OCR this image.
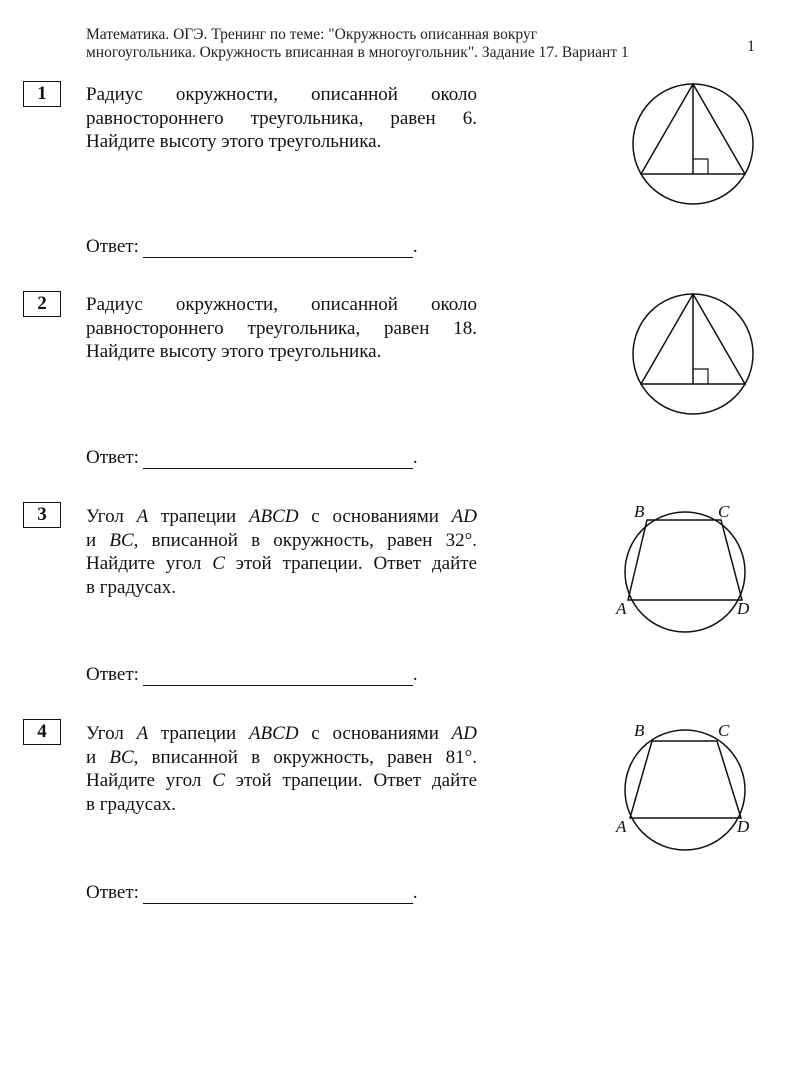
Математика. ОГЭ. Тренинг по теме: "Окружность описанная вокруг
многоугольника. Окружность вписанная в многоугольник". Задание 17. Вариант 1	1
1	Радиус окружности, описанной около
равностороннего треугольника, равен 6.
Найдите высоту этого треугольника.
Ответ:	.
2	Радиус окружности, описанной около
равностороннего треугольника, равен 18.
Найдите высоту этого треугольника.
Ответ:	.
3	Угол A трапеции ABCD с основаниями AD
и BC, вписанной в окружность, равен 32°.
Найдите угол C этой трапеции. Ответ дайте
в градусах.
Ответ:	.
B	C
A	D
4	Угол A трапеции ABCD с основаниями AD
и BC, вписанной в окружность, равен 81°.
Найдите угол C этой трапеции. Ответ дайте
в градусах.
Ответ:	.
B	C
A	D
